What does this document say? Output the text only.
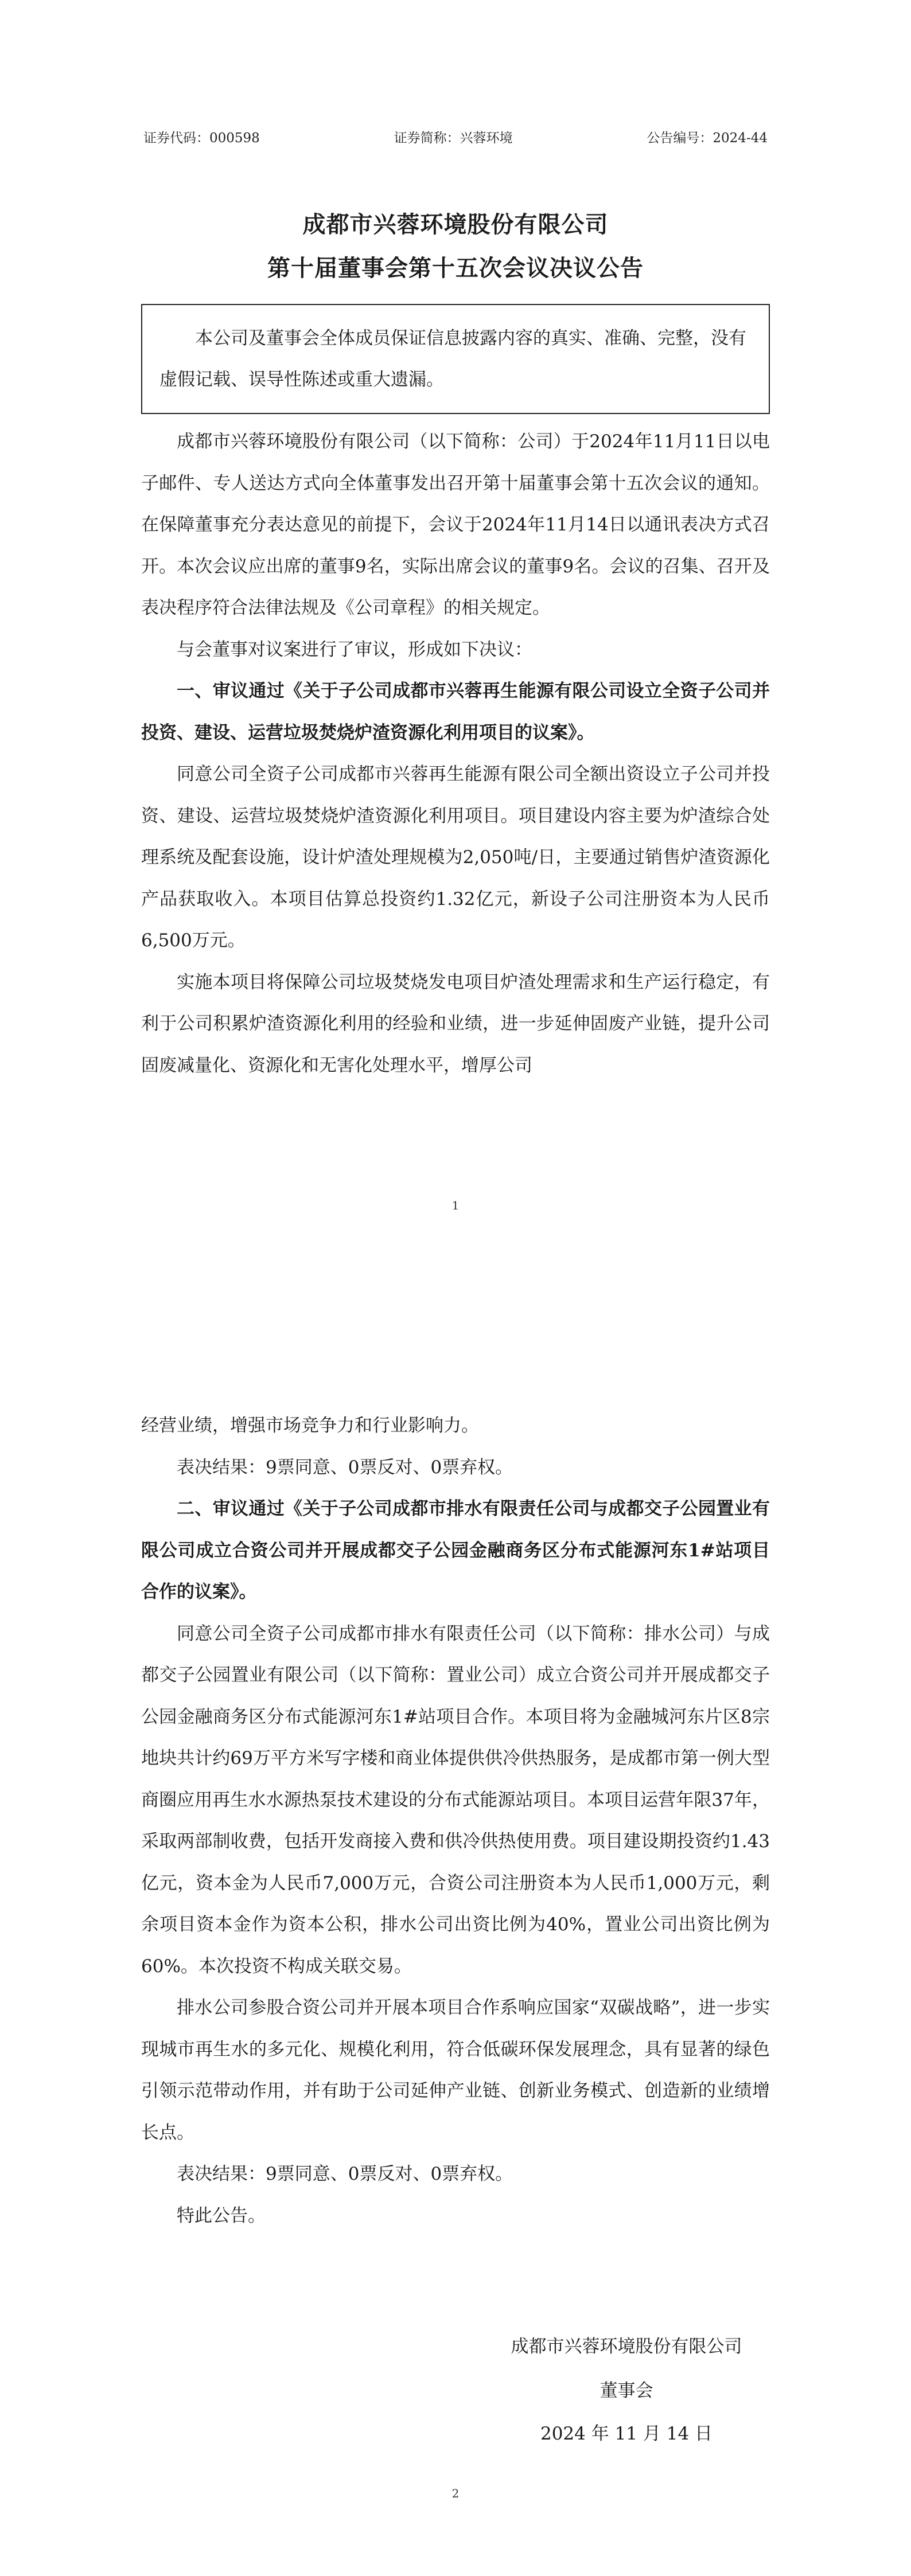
证券代码：000598	证券简称：兴蓉环境	公告编号：2024-44
成都市兴蓉环境股份有限公司
第十届董事会第十五次会议决议公告
本公司及董事会全体成员保证信息披露内容的真实、准确、完整，没有虚假记载、误导性陈述或重大遗漏。

成都市兴蓉环境股份有限公司（以下简称：公司）于2024年11月11日以电子邮件、专人送达方式向全体董事发出召开第十届董事会第十五次会议的通知。在保障董事充分表达意见的前提下，会议于2024年11月14日以通讯表决方式召开。本次会议应出席的董事9名，实际出席会议的董事9名。会议的召集、召开及表决程序符合法律法规及《公司章程》的相关规定。

与会董事对议案进行了审议，形成如下决议：

一、审议通过《关于子公司成都市兴蓉再生能源有限公司设立全资子公司并投资、建设、运营垃圾焚烧炉渣资源化利用项目的议案》。

同意公司全资子公司成都市兴蓉再生能源有限公司全额出资设立子公司并投资、建设、运营垃圾焚烧炉渣资源化利用项目。项目建设内容主要为炉渣综合处理系统及配套设施，设计炉渣处理规模为2,050吨/日，主要通过销售炉渣资源化产品获取收入。本项目估算总投资约1.32亿元，新设子公司注册资本为人民币6,500万元。

实施本项目将保障公司垃圾焚烧发电项目炉渣处理需求和生产运行稳定，有利于公司积累炉渣资源化利用的经验和业绩，进一步延伸固废产业链，提升公司固废减量化、资源化和无害化处理水平，增厚公司

1

经营业绩，增强市场竞争力和行业影响力。

表决结果：9票同意、0票反对、0票弃权。

二、审议通过《关于子公司成都市排水有限责任公司与成都交子公园置业有限公司成立合资公司并开展成都交子公园金融商务区分布式能源河东1#站项目合作的议案》。

同意公司全资子公司成都市排水有限责任公司（以下简称：排水公司）与成都交子公园置业有限公司（以下简称：置业公司）成立合资公司并开展成都交子公园金融商务区分布式能源河东1#站项目合作。本项目将为金融城河东片区8宗地块共计约69万平方米写字楼和商业体提供供冷供热服务，是成都市第一例大型商圈应用再生水水源热泵技术建设的分布式能源站项目。本项目运营年限37年，采取两部制收费，包括开发商接入费和供冷供热使用费。项目建设期投资约1.43亿元，资本金为人民币7,000万元，合资公司注册资本为人民币1,000万元，剩余项目资本金作为资本公积，排水公司出资比例为40%，置业公司出资比例为60%。本次投资不构成关联交易。

排水公司参股合资公司并开展本项目合作系响应国家“双碳战略”，进一步实现城市再生水的多元化、规模化利用，符合低碳环保发展理念，具有显著的绿色引领示范带动作用，并有助于公司延伸产业链、创新业务模式、创造新的业绩增长点。

表决结果：9票同意、0票反对、0票弃权。

特此公告。

成都市兴蓉环境股份有限公司
董事会
2024 年 11 月 14 日
2
